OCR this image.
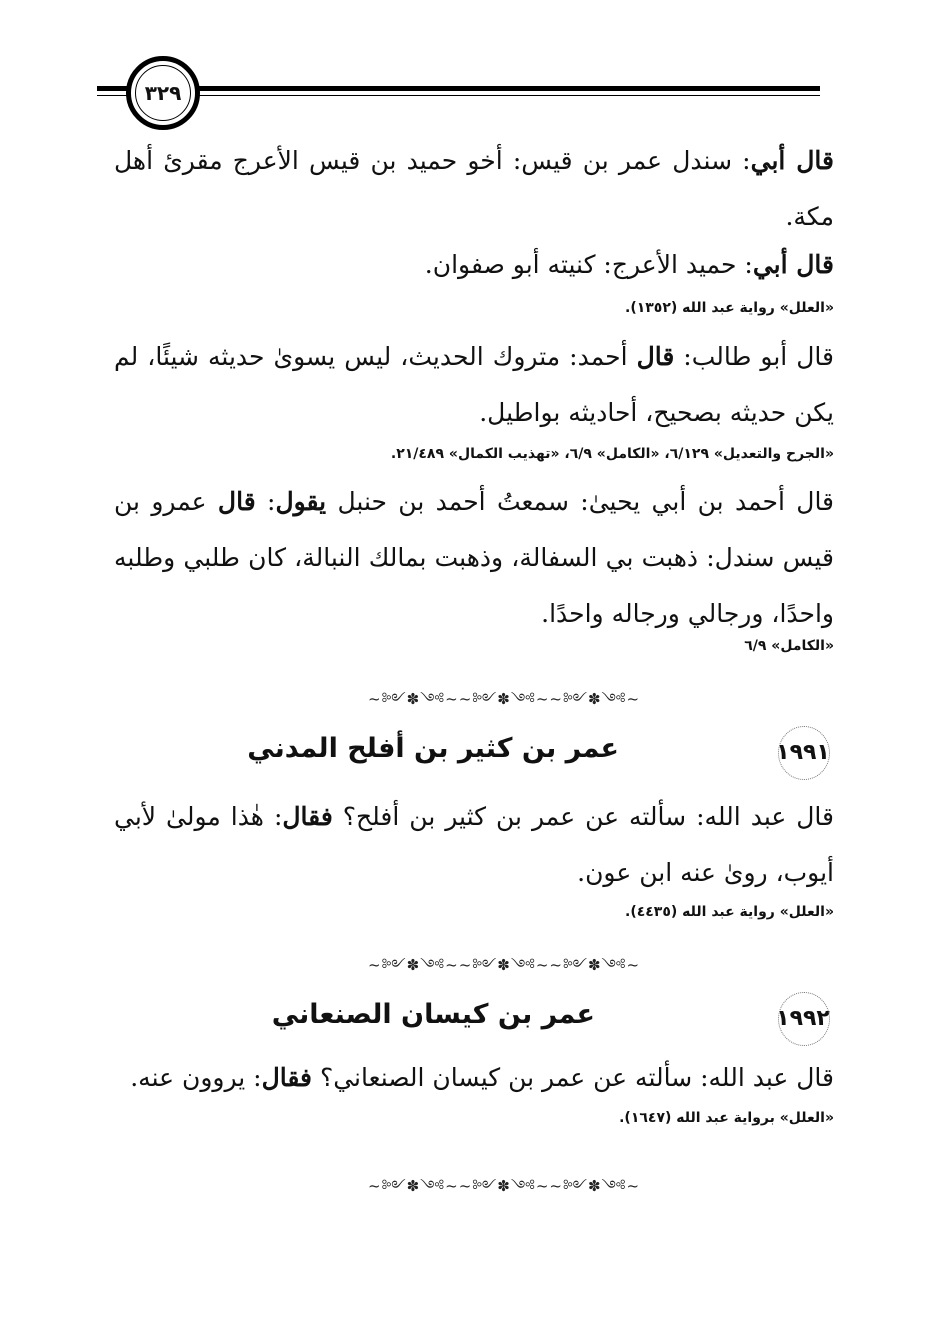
٣٢٩
قال أبي: سندل عمر بن قيس: أخو حميد بن قيس الأعرج مقرئ أهل مكة.
قال أبي: حميد الأعرج: كنيته أبو صفوان.
«العلل» رواية عبد الله (١٣٥٢).
قال أبو طالب: قال أحمد: متروك الحديث، ليس يسوىٰ حديثه شيئًا، لم يكن حديثه بصحيح، أحاديثه بواطيل.
«الجرح والتعديل» ٦/١٢٩، «الكامل» ٦/٩، «تهذيب الكمال» ٢١/٤٨٩.
قال أحمد بن أبي يحيىٰ: سمعتُ أحمد بن حنبل يقول: قال عمرو بن قيس سندل: ذهبت بي السفالة، وذهبت بمالك النبالة، كان طلبي وطلبه واحدًا، ورجالي ورجاله واحدًا.
«الكامل» ٦/٩
~༻✽༺~~༻✽༺~~༻✽༺~
١٩٩١
عمر بن كثير بن أفلح المدني
قال عبد الله: سألته عن عمر بن كثير بن أفلح؟ فقال: هٰذا مولىٰ لأبي أيوب، روىٰ عنه ابن عون.
«العلل» رواية عبد الله (٤٤٣٥).
~༻✽༺~~༻✽༺~~༻✽༺~
١٩٩٢
عمر بن كيسان الصنعاني
قال عبد الله: سألته عن عمر بن كيسان الصنعاني؟ فقال: يروون عنه.
«العلل» برواية عبد الله (١٦٤٧).
~༻✽༺~~༻✽༺~~༻✽༺~
